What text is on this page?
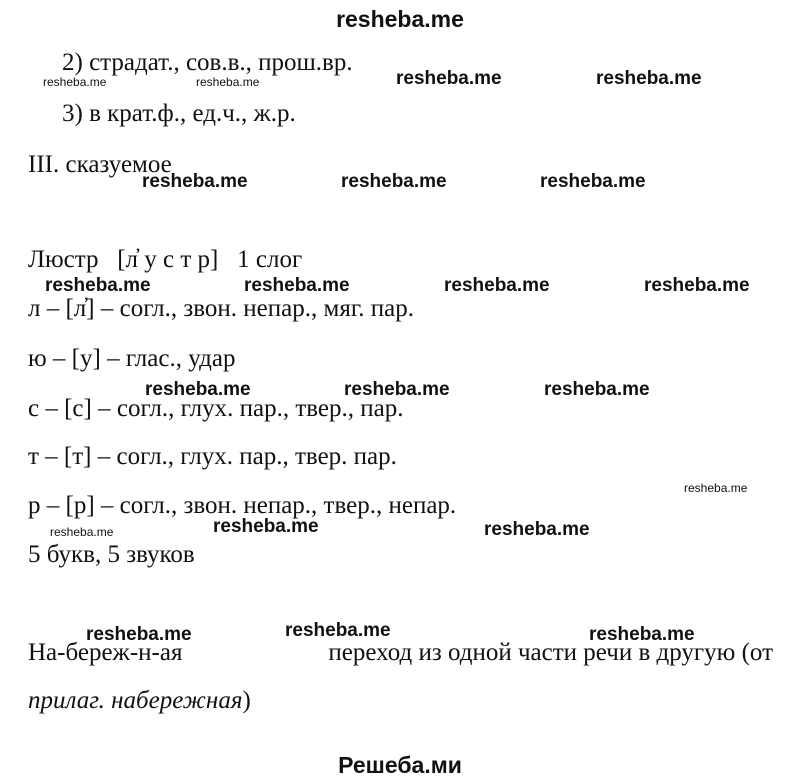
resheba.me
2) страдат., сов.в., прош.вр.
3) в крат.ф., ед.ч., ж.р.
III. сказуемое
Люстр [л̓ у с т р] 1 слог
л – [л̓] – согл., звон. непар., мяг. пар.
ю – [у] – глас., удар
с – [с] – согл., глух. пар., твер., пар.
т – [т] – согл., глух. пар., твер. пар.
р – [р] – согл., звон. непар., твер., непар.
5 букв, 5 звуков
На-береж-н-ая	переход из одной части речи в другую (от
прилаг. набережная)
resheba.me	resheba.me
resheba.me	resheba.me	resheba.me
resheba.me	resheba.me	resheba.me	resheba.me
resheba.me	resheba.me	resheba.me
resheba.me	resheba.me
resheba.me	resheba.me	resheba.me
resheba.me	resheba.me
resheba.me
resheba.me
Решеба.ми
